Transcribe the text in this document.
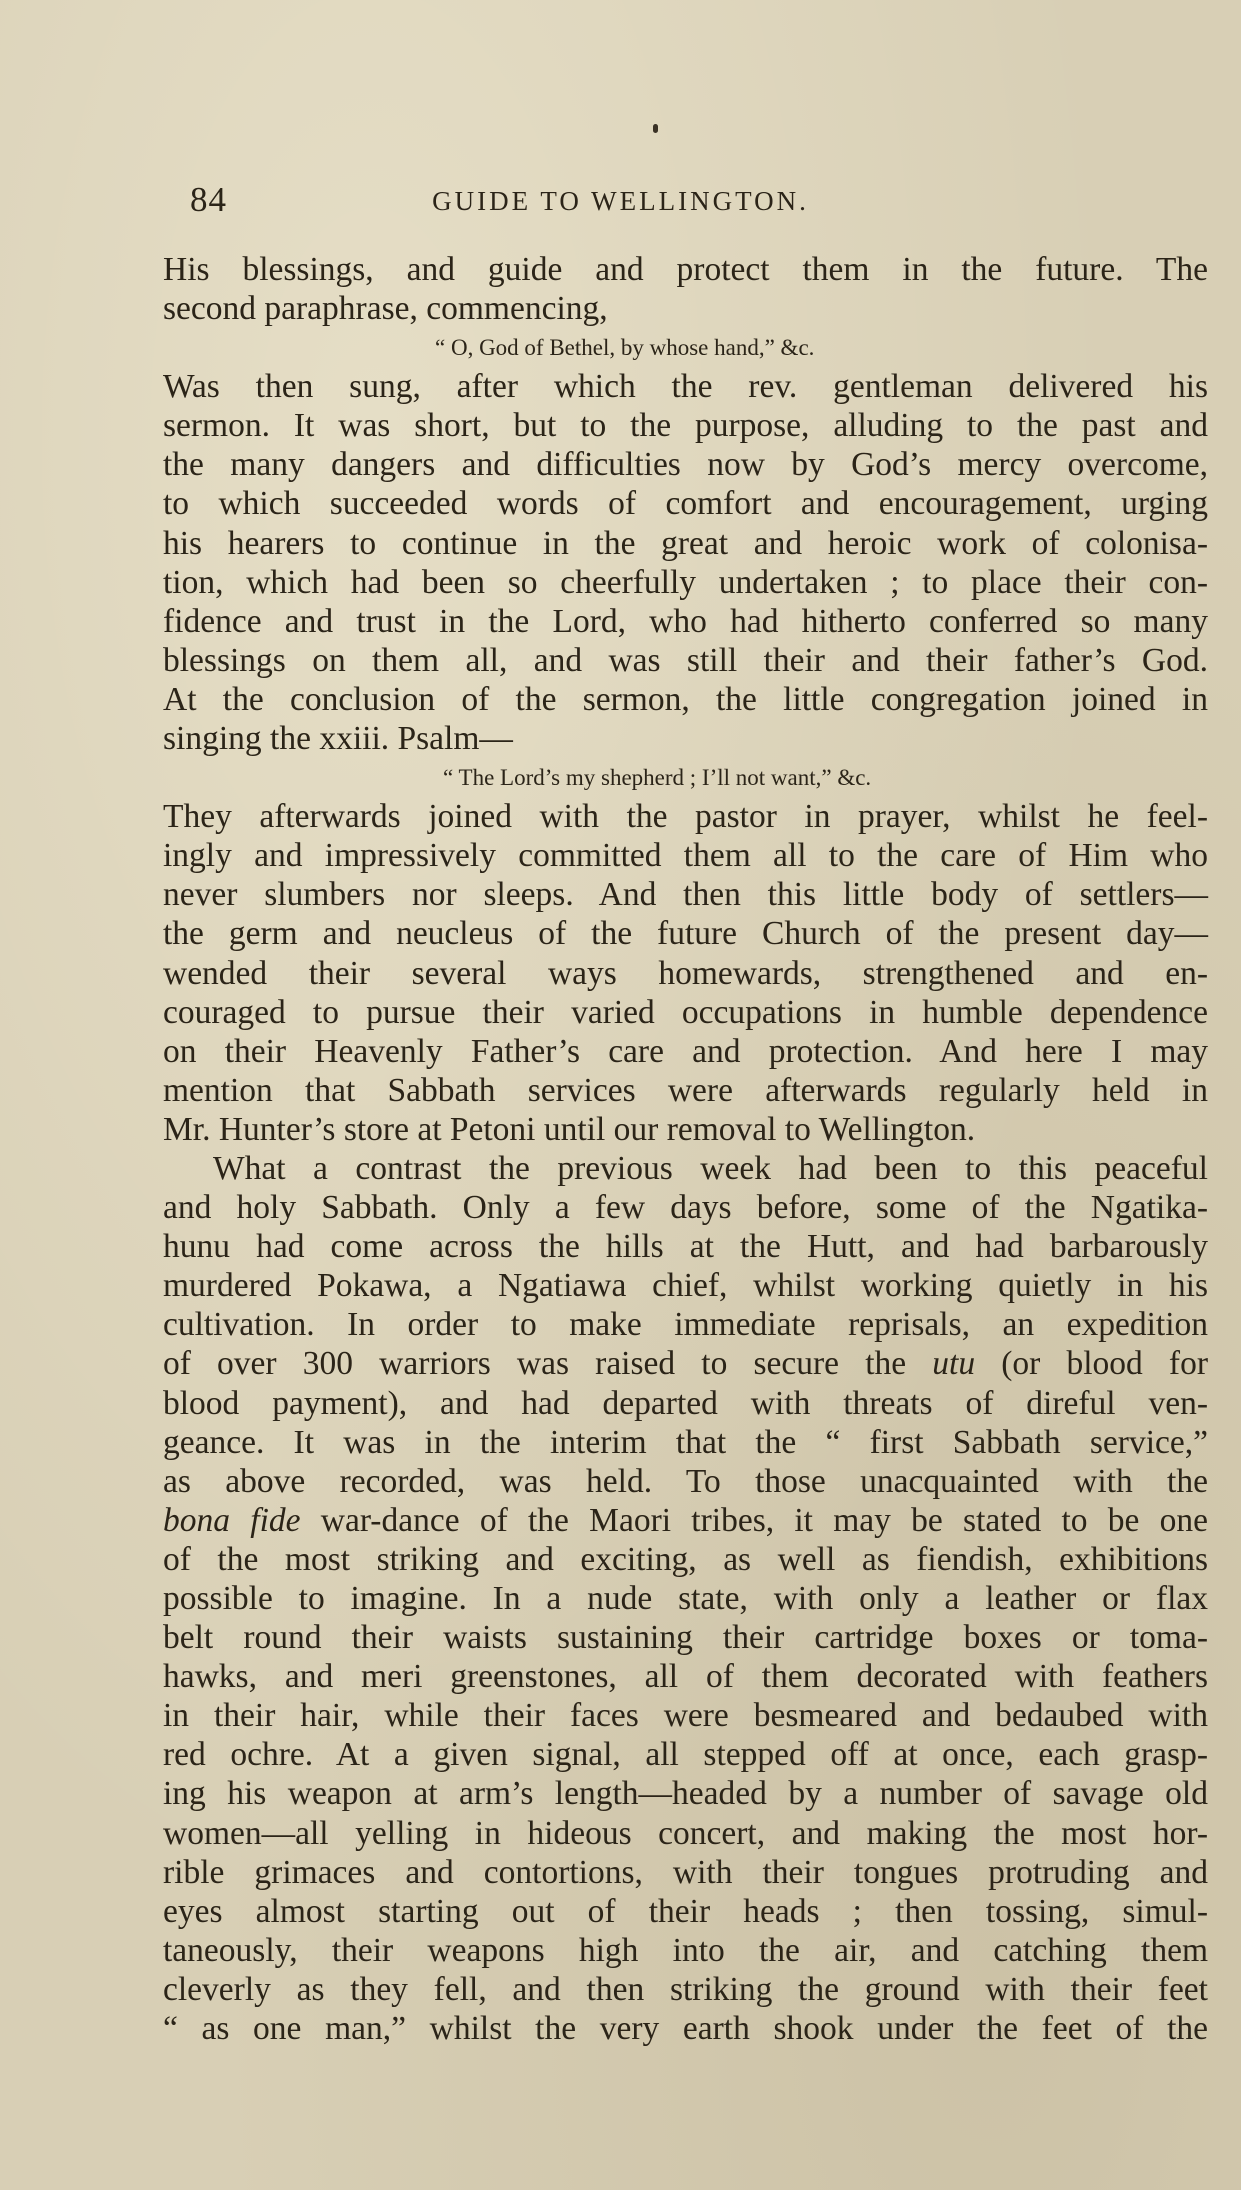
84	GUIDE TO WELLINGTON.
His blessings, and guide and protect them in the future. The
second paraphrase, commencing,
“ O, God of Bethel, by whose hand,” &c.
Was then sung, after which the rev. gentleman delivered his
sermon. It was short, but to the purpose, alluding to the past and
the many dangers and difficulties now by God’s mercy overcome,
to which succeeded words of comfort and encouragement, urging
his hearers to continue in the great and heroic work of colonisa-
tion, which had been so cheerfully undertaken ; to place their con-
fidence and trust in the Lord, who had hitherto conferred so many
blessings on them all, and was still their and their father’s God.
At the conclusion of the sermon, the little congregation joined in
singing the xxiii. Psalm—
“ The Lord’s my shepherd ; I’ll not want,” &c.
They afterwards joined with the pastor in prayer, whilst he feel-
ingly and impressively committed them all to the care of Him who
never slumbers nor sleeps. And then this little body of settlers—
the germ and neucleus of the future Church of the present day—
wended their several ways homewards, strengthened and en-
couraged to pursue their varied occupations in humble dependence
on their Heavenly Father’s care and protection. And here I may
mention that Sabbath services were afterwards regularly held in
Mr. Hunter’s store at Petoni until our removal to Wellington.
What a contrast the previous week had been to this peaceful
and holy Sabbath. Only a few days before, some of the Ngatika-
hunu had come across the hills at the Hutt, and had barbarously
murdered Pokawa, a Ngatiawa chief, whilst working quietly in his
cultivation. In order to make immediate reprisals, an expedition
of over 300 warriors was raised to secure the utu (or blood for
blood payment), and had departed with threats of direful ven-
geance. It was in the interim that the “ first Sabbath service,”
as above recorded, was held. To those unacquainted with the
bona fide war-dance of the Maori tribes, it may be stated to be one
of the most striking and exciting, as well as fiendish, exhibitions
possible to imagine. In a nude state, with only a leather or flax
belt round their waists sustaining their cartridge boxes or toma-
hawks, and meri greenstones, all of them decorated with feathers
in their hair, while their faces were besmeared and bedaubed with
red ochre. At a given signal, all stepped off at once, each grasp-
ing his weapon at arm’s length—headed by a number of savage old
women—all yelling in hideous concert, and making the most hor-
rible grimaces and contortions, with their tongues protruding and
eyes almost starting out of their heads ; then tossing, simul-
taneously, their weapons high into the air, and catching them
cleverly as they fell, and then striking the ground with their feet
“ as one man,” whilst the very earth shook under the feet of the
